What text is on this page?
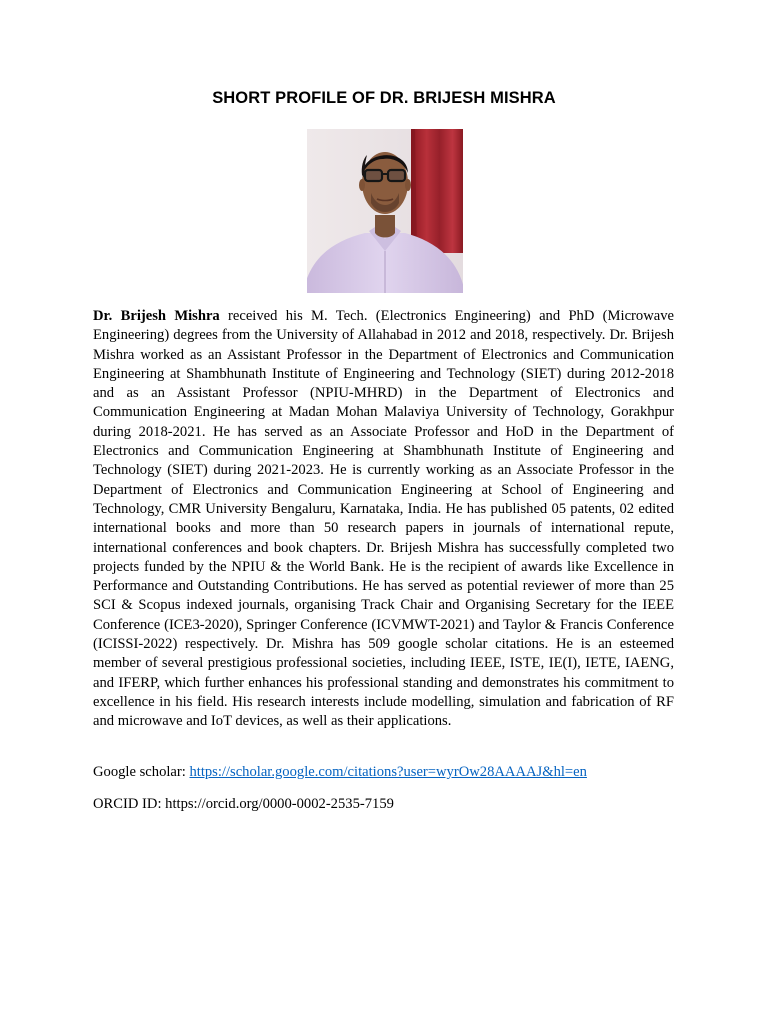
SHORT PROFILE OF DR. BRIJESH MISHRA

Dr. Brijesh Mishra received his M. Tech. (Electronics Engineering) and PhD (Microwave Engineering) degrees from the University of Allahabad in 2012 and 2018, respectively. Dr. Brijesh Mishra worked as an Assistant Professor in the Department of Electronics and Communication Engineering at Shambhunath Institute of Engineering and Technology (SIET) during 2012-2018 and as an Assistant Professor (NPIU-MHRD) in the Department of Electronics and Communication Engineering at Madan Mohan Malaviya University of Technology, Gorakhpur during 2018-2021. He has served as an Associate Professor and HoD in the Department of Electronics and Communication Engineering at Shambhunath Institute of Engineering and Technology (SIET) during 2021-2023. He is currently working as an Associate Professor in the Department of Electronics and Communication Engineering at School of Engineering and Technology, CMR University Bengaluru, Karnataka, India. He has published 05 patents, 02 edited international books and more than 50 research papers in journals of international repute, international conferences and book chapters. Dr. Brijesh Mishra has successfully completed two projects funded by the NPIU & the World Bank. He is the recipient of awards like Excellence in Performance and Outstanding Contributions. He has served as potential reviewer of more than 25 SCI & Scopus indexed journals, organising Track Chair and Organising Secretary for the IEEE Conference (ICE3-2020), Springer Conference (ICVMWT-2021) and Taylor & Francis Conference (ICISSI-2022) respectively. Dr. Mishra has 509 google scholar citations. He is an esteemed member of several prestigious professional societies, including IEEE, ISTE, IE(I), IETE, IAENG, and IFERP, which further enhances his professional standing and demonstrates his commitment to excellence in his field. His research interests include modelling, simulation and fabrication of RF and microwave and IoT devices, as well as their applications.

Google scholar: https://scholar.google.com/citations?user=wyrOw28AAAAJ&hl=en

ORCID ID: https://orcid.org/0000-0002-2535-7159
